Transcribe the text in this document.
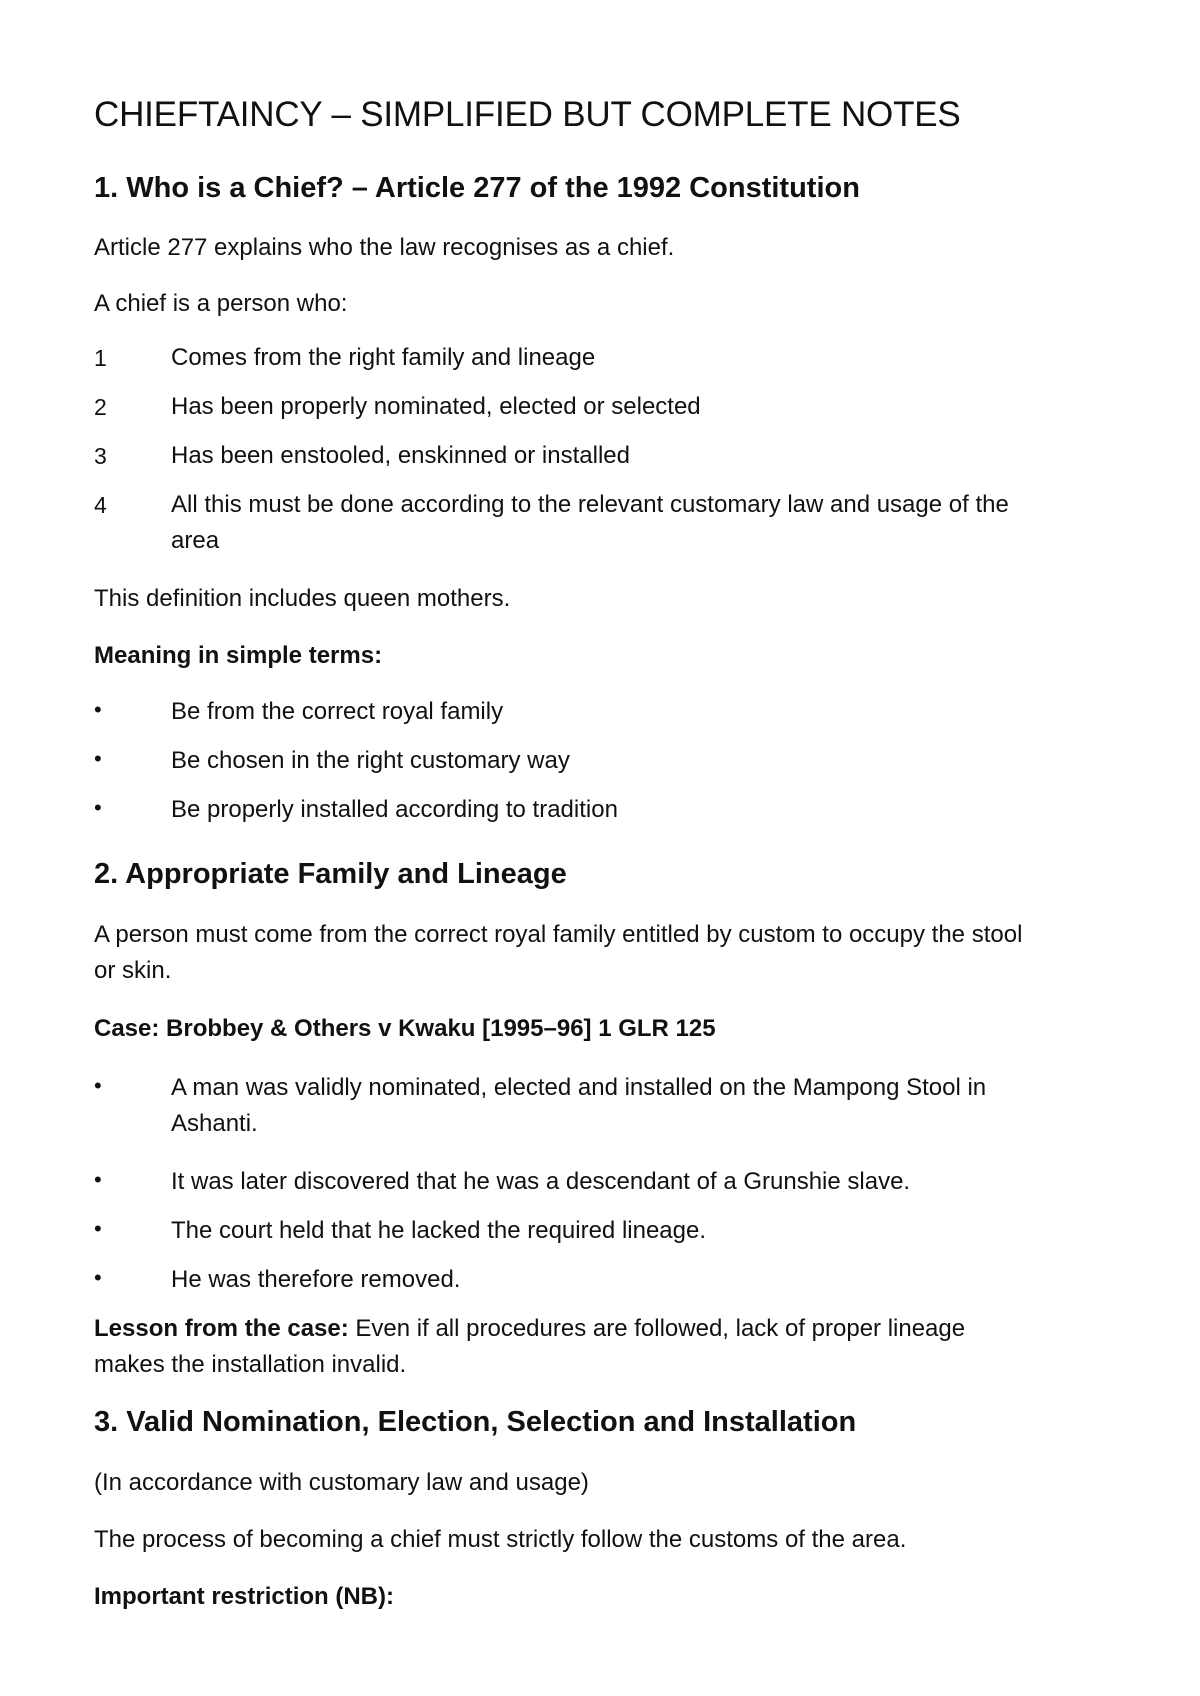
CHIEFTAINCY – SIMPLIFIED BUT COMPLETE NOTES
1. Who is a Chief? – Article 277 of the 1992 Constitution

Article 277 explains who the law recognises as a chief.

A chief is a person who:

1	Comes from the right family and lineage
2	Has been properly nominated, elected or selected
3	Has been enstooled, enskinned or installed
4	All this must be done according to the relevant customary law and usage of the
area

This definition includes queen mothers.

Meaning in simple terms:

•	Be from the correct royal family
•	Be chosen in the right customary way
•	Be properly installed according to tradition
2. Appropriate Family and Lineage

A person must come from the correct royal family entitled by custom to occupy the stool

or skin.

Case: Brobbey & Others v Kwaku [1995–96] 1 GLR 125

•	A man was validly nominated, elected and installed on the Mampong Stool in
Ashanti.
•	It was later discovered that he was a descendant of a Grunshie slave.
•	The court held that he lacked the required lineage.
•	He was therefore removed.

Lesson from the case: Even if all procedures are followed, lack of proper lineage

makes the installation invalid.

3. Valid Nomination, Election, Selection and Installation

(In accordance with customary law and usage)

The process of becoming a chief must strictly follow the customs of the area.

Important restriction (NB):
